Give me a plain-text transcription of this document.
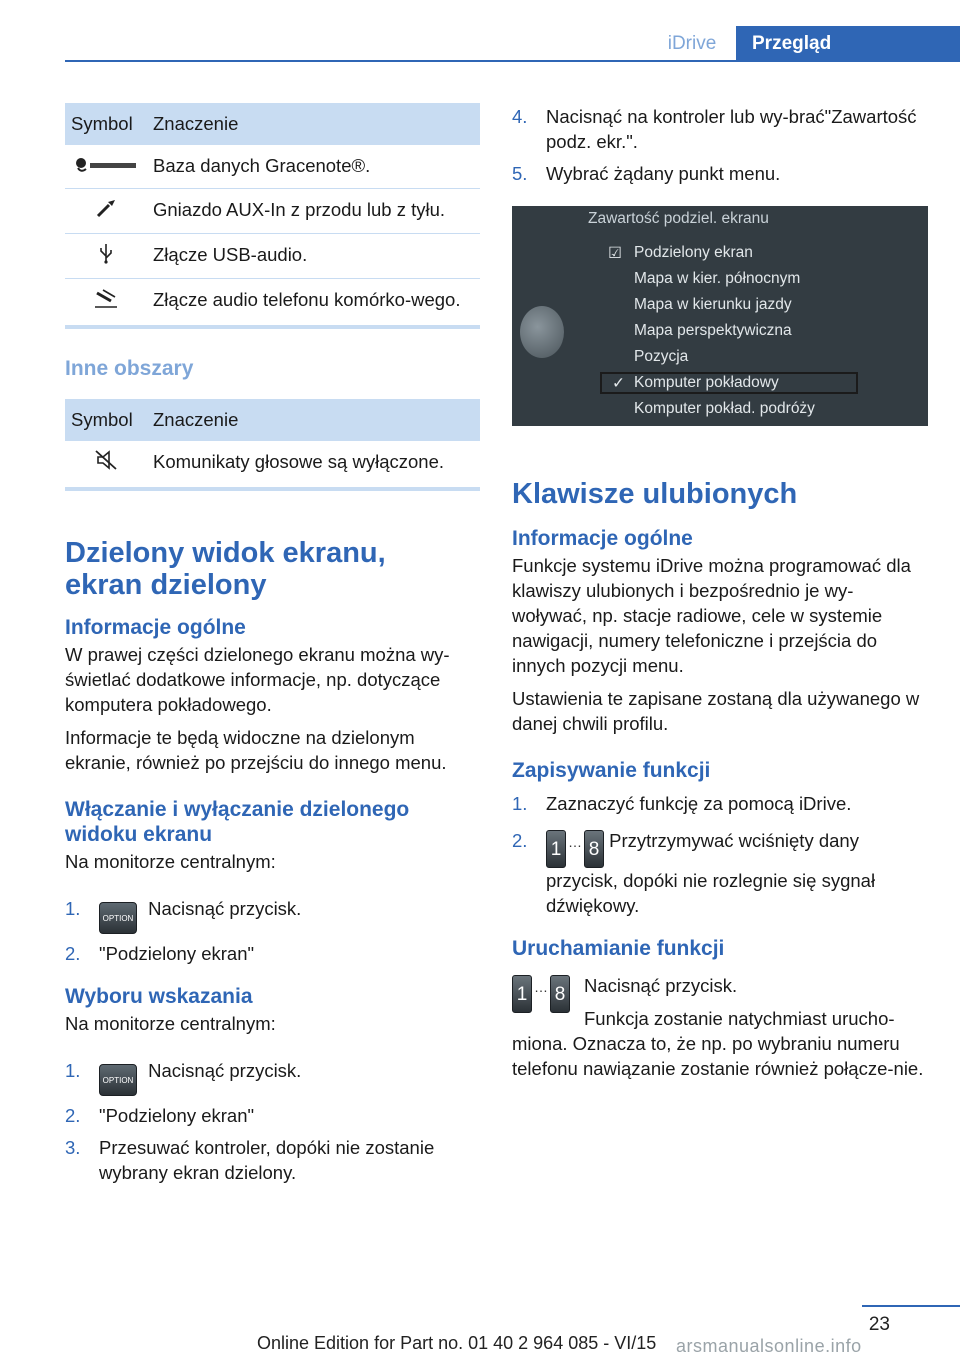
iDrive	Przegląd
Symbol	Znaczenie
	Baza danych Gracenote®.
	Gniazdo AUX-In z przodu lub z tyłu.
	Złącze USB-audio.
	Złącze audio telefonu komórko-wego.
Inne obszary
Symbol	Znaczenie
	Komunikaty głosowe są wyłączone.
Dzielony widok ekranu,
ekran dzielony
Informacje ogólne
W prawej części dzielonego ekranu można wy-świetlać dodatkowe informacje, np. dotyczące komputera pokładowego.
Informacje te będą widoczne na dzielonym ekranie, również po przejściu do innego menu.
Włączanie i wyłączanie dzielonego widoku ekranu
Na monitorze centralnym:
1.	OPTION Nacisnąć przycisk.
2.	"Podzielony ekran"
Wyboru wskazania
Na monitorze centralnym:
1.	OPTION Nacisnąć przycisk.
2.	"Podzielony ekran"
3.	Przesuwać kontroler, dopóki nie zostanie wybrany ekran dzielony.
4.	Nacisnąć na kontroler lub wy-brać"Zawartość podz. ekr.".
5.	Wybrać żądany punkt menu.
Zawartość podziel. ekranu
☑ Podzielony ekran
Mapa w kier. północnym
Mapa w kierunku jazdy
Mapa perspektywiczna
Pozycja
✓ Komputer pokładowy
Komputer pokład. podróży
Klawisze ulubionych
Informacje ogólne
Funkcje systemu iDrive można programować dla klawiszy ulubionych i bezpośrednio je wy-woływać, np. stacje radiowe, cele w systemie nawigacji, numery telefoniczne i przejścia do innych pozycji menu.
Ustawienia te zapisane zostaną dla używanego w danej chwili profilu.
Zapisywanie funkcji
1.	Zaznaczyć funkcję za pomocą iDrive.
2.	1 … 8 Przytrzymywać wciśnięty dany przycisk, dopóki nie rozlegnie się sygnał dźwiękowy.
Uruchamianie funkcji
1 … 8	Nacisnąć przycisk.
Funkcja zostanie natychmiast urucho-
miona. Oznacza to, że np. po wybraniu numeru telefonu nawiązanie zostanie również połącze-nie.
23
Online Edition for Part no. 01 40 2 964 085 - VI/15 arsmanualsonline.info
